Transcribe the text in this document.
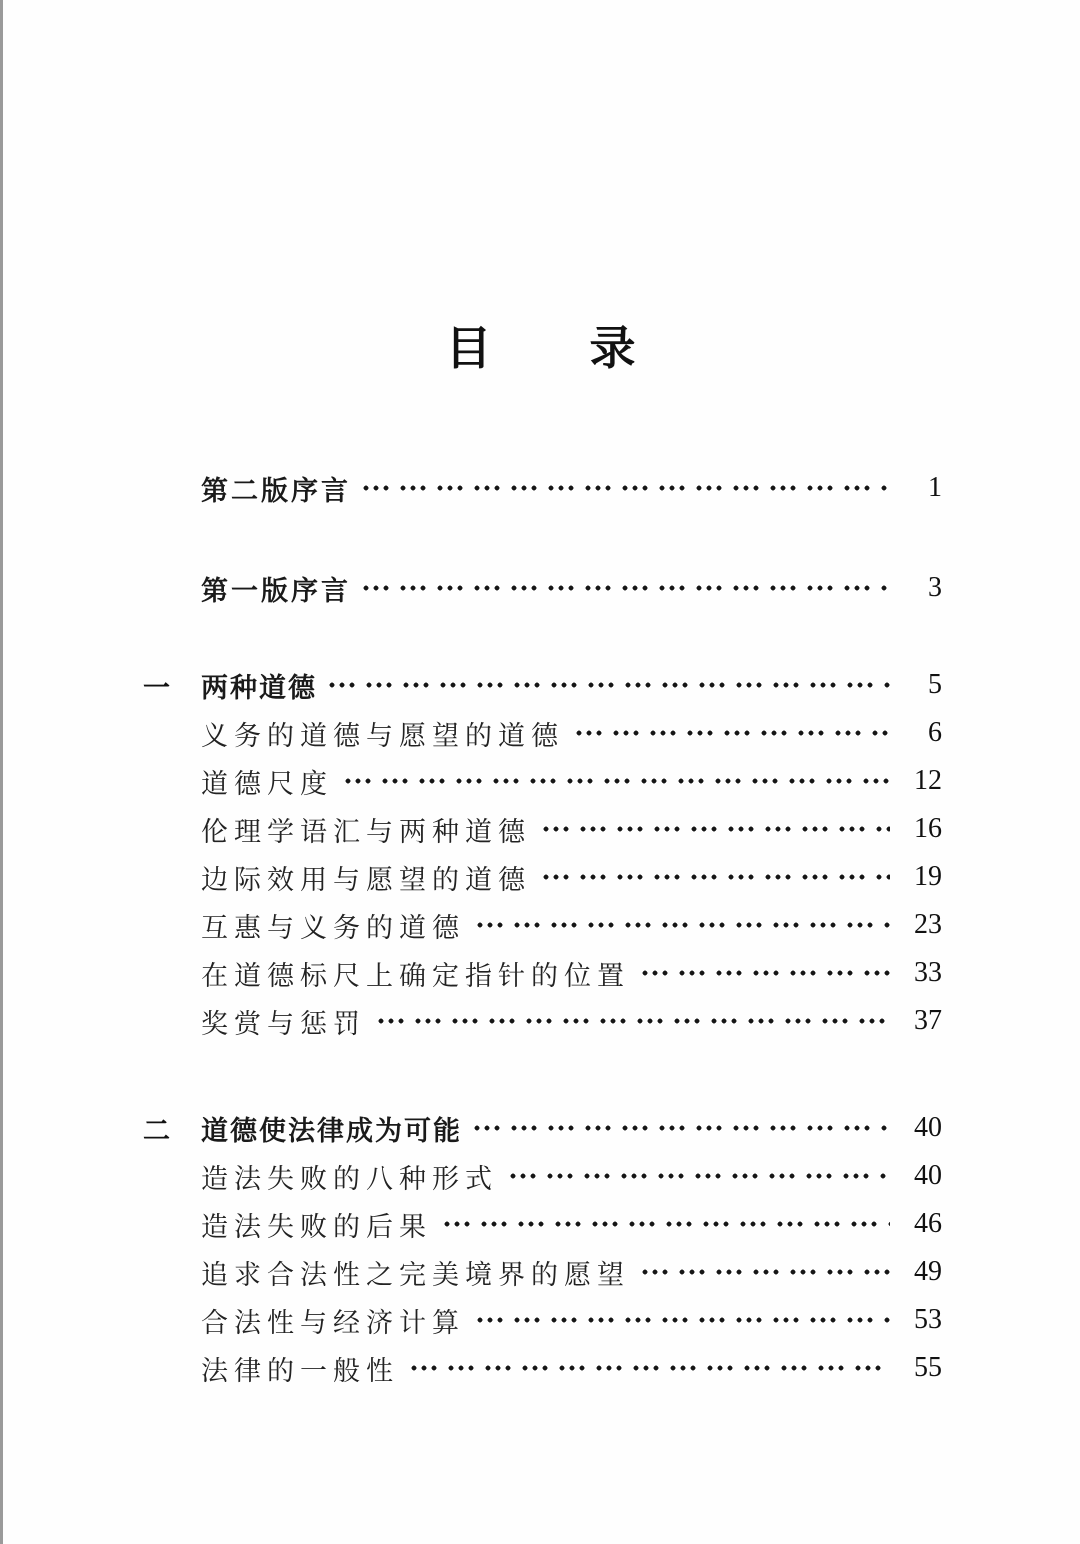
目　　录
第二版序言	1
第一版序言	3
一	两种道德	5
义务的道德与愿望的道德	6
道德尺度	12
伦理学语汇与两种道德	16
边际效用与愿望的道德	19
互惠与义务的道德	23
在道德标尺上确定指针的位置	33
奖赏与惩罚	37
二	道德使法律成为可能	40
造法失败的八种形式	40
造法失败的后果	46
追求合法性之完美境界的愿望	49
合法性与经济计算	53
法律的一般性	55
